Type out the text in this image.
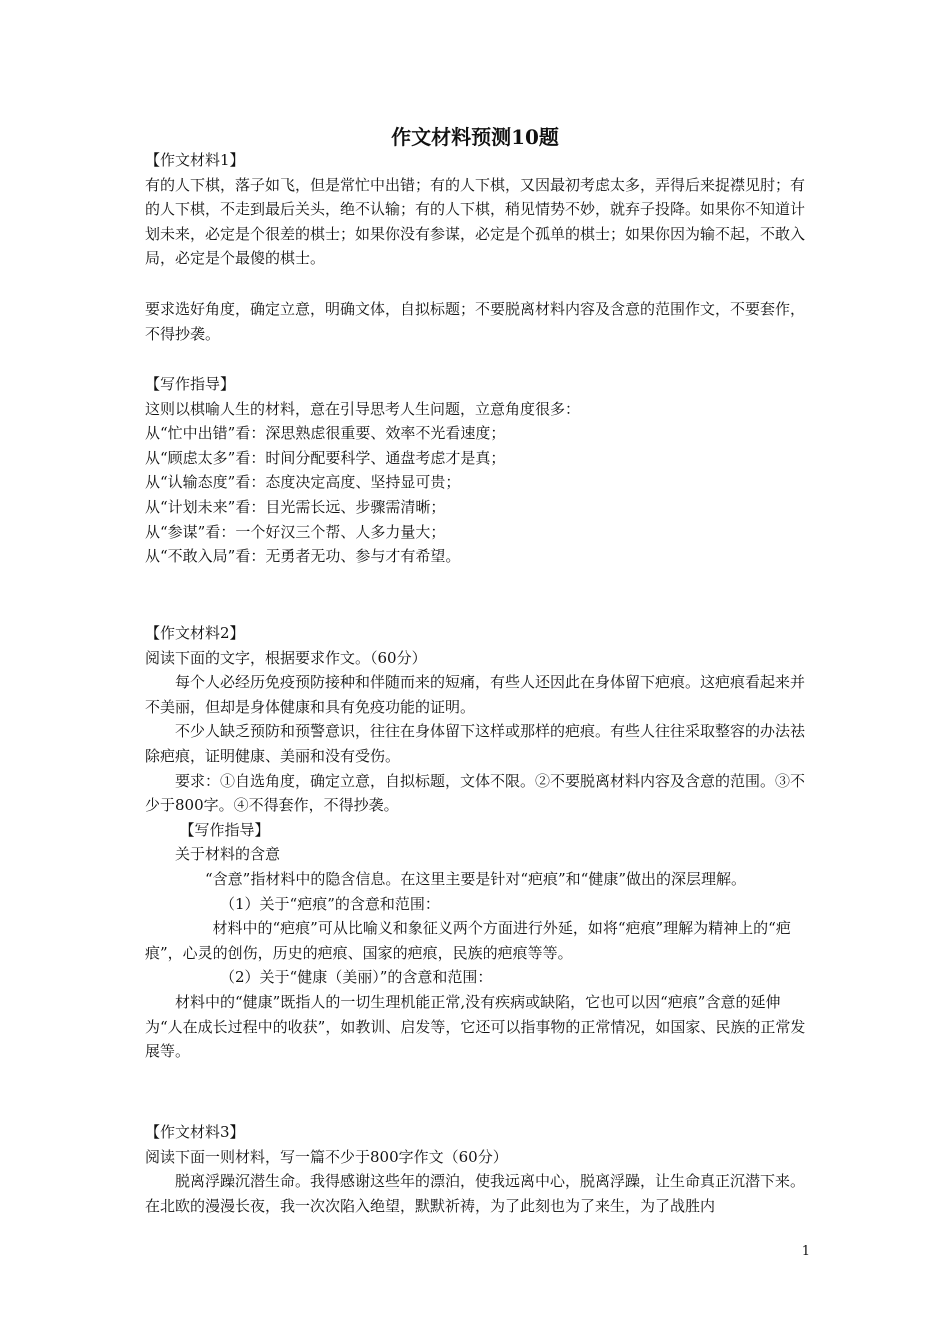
作文材料预测10题

【作文材料1】

有的人下棋，落子如飞，但是常忙中出错；有的人下棋，又因最初考虑太多，弄得后来捉襟见肘；有的人下棋，不走到最后关头，绝不认输；有的人下棋，稍见情势不妙，就弃子投降。如果你不知道计划未来，必定是个很差的棋士；如果你没有参谋，必定是个孤单的棋士；如果你因为输不起，不敢入局，必定是个最傻的棋士。

要求选好角度，确定立意，明确文体，自拟标题；不要脱离材料内容及含意的范围作文，不要套作，不得抄袭。

【写作指导】

这则以棋喻人生的材料，意在引导思考人生问题，立意角度很多：

从“忙中出错”看：深思熟虑很重要、效率不光看速度；

从“顾虑太多”看：时间分配要科学、通盘考虑才是真；

从“认输态度”看：态度决定高度、坚持显可贵；

从“计划未来”看：目光需长远、步骤需清晰；

从“参谋”看：一个好汉三个帮、人多力量大；

从“不敢入局”看：无勇者无功、参与才有希望。

【作文材料2】

阅读下面的文字，根据要求作文。（60分）

每个人必经历免疫预防接种和伴随而来的短痛，有些人还因此在身体留下疤痕。这疤痕看起来并不美丽，但却是身体健康和具有免疫功能的证明。

不少人缺乏预防和预警意识，往往在身体留下这样或那样的疤痕。有些人往往采取整容的办法祛除疤痕，证明健康、美丽和没有受伤。

要求：①自选角度，确定立意，自拟标题，文体不限。②不要脱离材料内容及含意的范围。③不少于800字。④不得套作，不得抄袭。

【写作指导】

关于材料的含意

“含意”指材料中的隐含信息。在这里主要是针对“疤痕”和“健康”做出的深层理解。

（1）关于“疤痕”的含意和范围：

材料中的“疤痕”可从比喻义和象征义两个方面进行外延，如将“疤痕”理解为精神上的“疤痕”，心灵的创伤，历史的疤痕、国家的疤痕，民族的疤痕等等。

（2）关于“健康（美丽）”的含意和范围：

材料中的“健康”既指人的一切生理机能正常,没有疾病或缺陷，它也可以因“疤痕”含意的延伸为“人在成长过程中的收获”，如教训、启发等，它还可以指事物的正常情况，如国家、民族的正常发展等。

【作文材料3】

阅读下面一则材料，写一篇不少于800字作文（60分）

脱离浮躁沉潜生命。我得感谢这些年的漂泊，使我远离中心，脱离浮躁，让生命真正沉潜下来。在北欧的漫漫长夜，我一次次陷入绝望，默默祈祷，为了此刻也为了来生，为了战胜内

1
